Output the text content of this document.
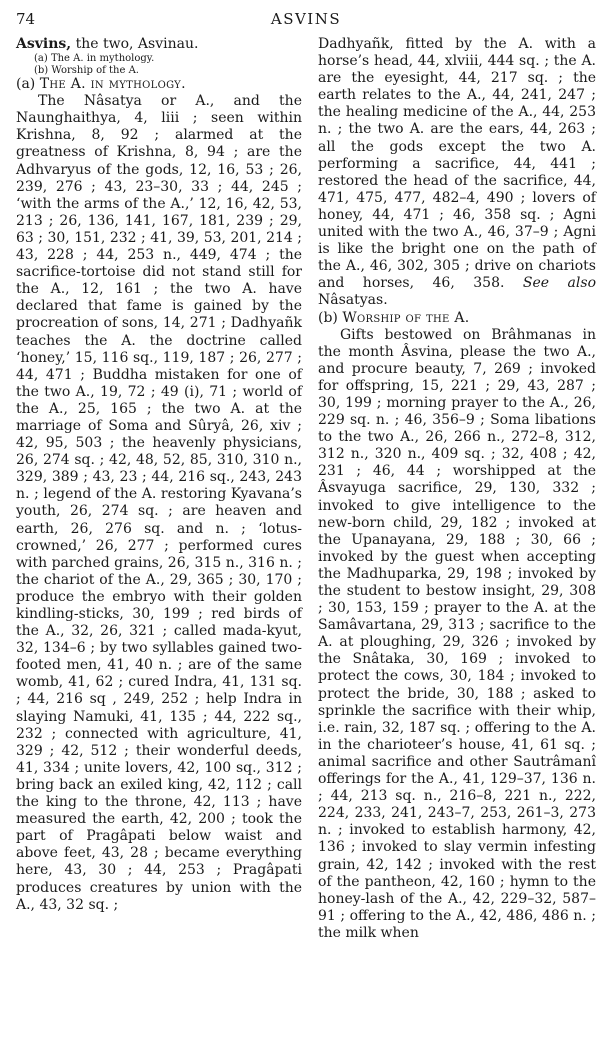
74	ASVINS

Asvins, the two, Asvinau.

(a) The A. in mythology.

(b) Worship of the A.

(a) The A. in mythology.

The Nâsatya or A., and the Naunghaithya, 4, liii ; seen within Krishna, 8, 92 ; alarmed at the greatness of Krishna, 8, 94 ; are the Adhvaryus of the gods, 12, 16, 53 ; 26, 239, 276 ; 43, 23–30, 33 ; 44, 245 ; ‘with the arms of the A.,’ 12, 16, 42, 53, 213 ; 26, 136, 141, 167, 181, 239 ; 29, 63 ; 30, 151, 232 ; 41, 39, 53, 201, 214 ; 43, 228 ; 44, 253 n., 449, 474 ; the sacrifice-tortoise did not stand still for the A., 12, 161 ; the two A. have declared that fame is gained by the procreation of sons, 14, 271 ; Dadhyañk teaches the A. the doctrine called ‘honey,’ 15, 116 sq., 119, 187 ; 26, 277 ; 44, 471 ; Buddha mistaken for one of the two A., 19, 72 ; 49 (i), 71 ; world of the A., 25, 165 ; the two A. at the marriage of Soma and Sûryâ, 26, xiv ; 42, 95, 503 ; the heavenly physicians, 26, 274 sq. ; 42, 48, 52, 85, 310, 310 n., 329, 389 ; 43, 23 ; 44, 216 sq., 243, 243 n. ; legend of the A. restoring Kyavana’s youth, 26, 274 sq. ; are heaven and earth, 26, 276 sq. and n. ; ‘lotus-crowned,’ 26, 277 ; performed cures with parched grains, 26, 315 n., 316 n. ; the chariot of the A., 29, 365 ; 30, 170 ; produce the embryo with their golden kindling-sticks, 30, 199 ; red birds of the A., 32, 26, 321 ; called mada-kyut, 32, 134–6 ; by two syllables gained two-footed men, 41, 40 n. ; are of the same womb, 41, 62 ; cured Indra, 41, 131 sq. ; 44, 216 sq , 249, 252 ; help Indra in slaying Namuki, 41, 135 ; 44, 222 sq., 232 ; connected with agriculture, 41, 329 ; 42, 512 ; their wonderful deeds, 41, 334 ; unite lovers, 42, 100 sq., 312 ; bring back an exiled king, 42, 112 ; call the king to the throne, 42, 113 ; have measured the earth, 42, 200 ; took the part of Pragâpati below waist and above feet, 43, 28 ; became everything here, 43, 30 ; 44, 253 ; Pragâpati produces creatures by union with the A., 43, 32 sq. ;

Dadhyañk, fitted by the A. with a horse’s head, 44, xlviii, 444 sq. ; the A. are the eyesight, 44, 217 sq. ; the earth relates to the A., 44, 241, 247 ; the healing medicine of the A., 44, 253 n. ; the two A. are the ears, 44, 263 ; all the gods except the two A. performing a sacrifice, 44, 441 ; restored the head of the sacrifice, 44, 471, 475, 477, 482–4, 490 ; lovers of honey, 44, 471 ; 46, 358 sq. ; Agni united with the two A., 46, 37–9 ; Agni is like the bright one on the path of the A., 46, 302, 305 ; drive on chariots and horses, 46, 358. See also Nâsatyas.

(b) Worship of the A.

Gifts bestowed on Brâhmanas in the month Âsvina, please the two A., and procure beauty, 7, 269 ; invoked for offspring, 15, 221 ; 29, 43, 287 ; 30, 199 ; morning prayer to the A., 26, 229 sq. n. ; 46, 356–9 ; Soma libations to the two A., 26, 266 n., 272–8, 312, 312 n., 320 n., 409 sq. ; 32, 408 ; 42, 231 ; 46, 44 ; worshipped at the Âsvayuga sacrifice, 29, 130, 332 ; invoked to give intelligence to the new-born child, 29, 182 ; invoked at the Upanayana, 29, 188 ; 30, 66 ; invoked by the guest when accepting the Madhuparka, 29, 198 ; invoked by the student to bestow insight, 29, 308 ; 30, 153, 159 ; prayer to the A. at the Samâvartana, 29, 313 ; sacrifice to the A. at ploughing, 29, 326 ; invoked by the Snâtaka, 30, 169 ; invoked to protect the cows, 30, 184 ; invoked to protect the bride, 30, 188 ; asked to sprinkle the sacrifice with their whip, i.e. rain, 32, 187 sq. ; offering to the A. in the charioteer’s house, 41, 61 sq. ; animal sacrifice and other Sautrâmanî offerings for the A., 41, 129–37, 136 n. ; 44, 213 sq. n., 216–8, 221 n., 222, 224, 233, 241, 243–7, 253, 261–3, 273 n. ; invoked to establish harmony, 42, 136 ; invoked to slay vermin infesting grain, 42, 142 ; invoked with the rest of the pantheon, 42, 160 ; hymn to the honey-lash of the A., 42, 229–32, 587–91 ; offering to the A., 42, 486, 486 n. ; the milk when
